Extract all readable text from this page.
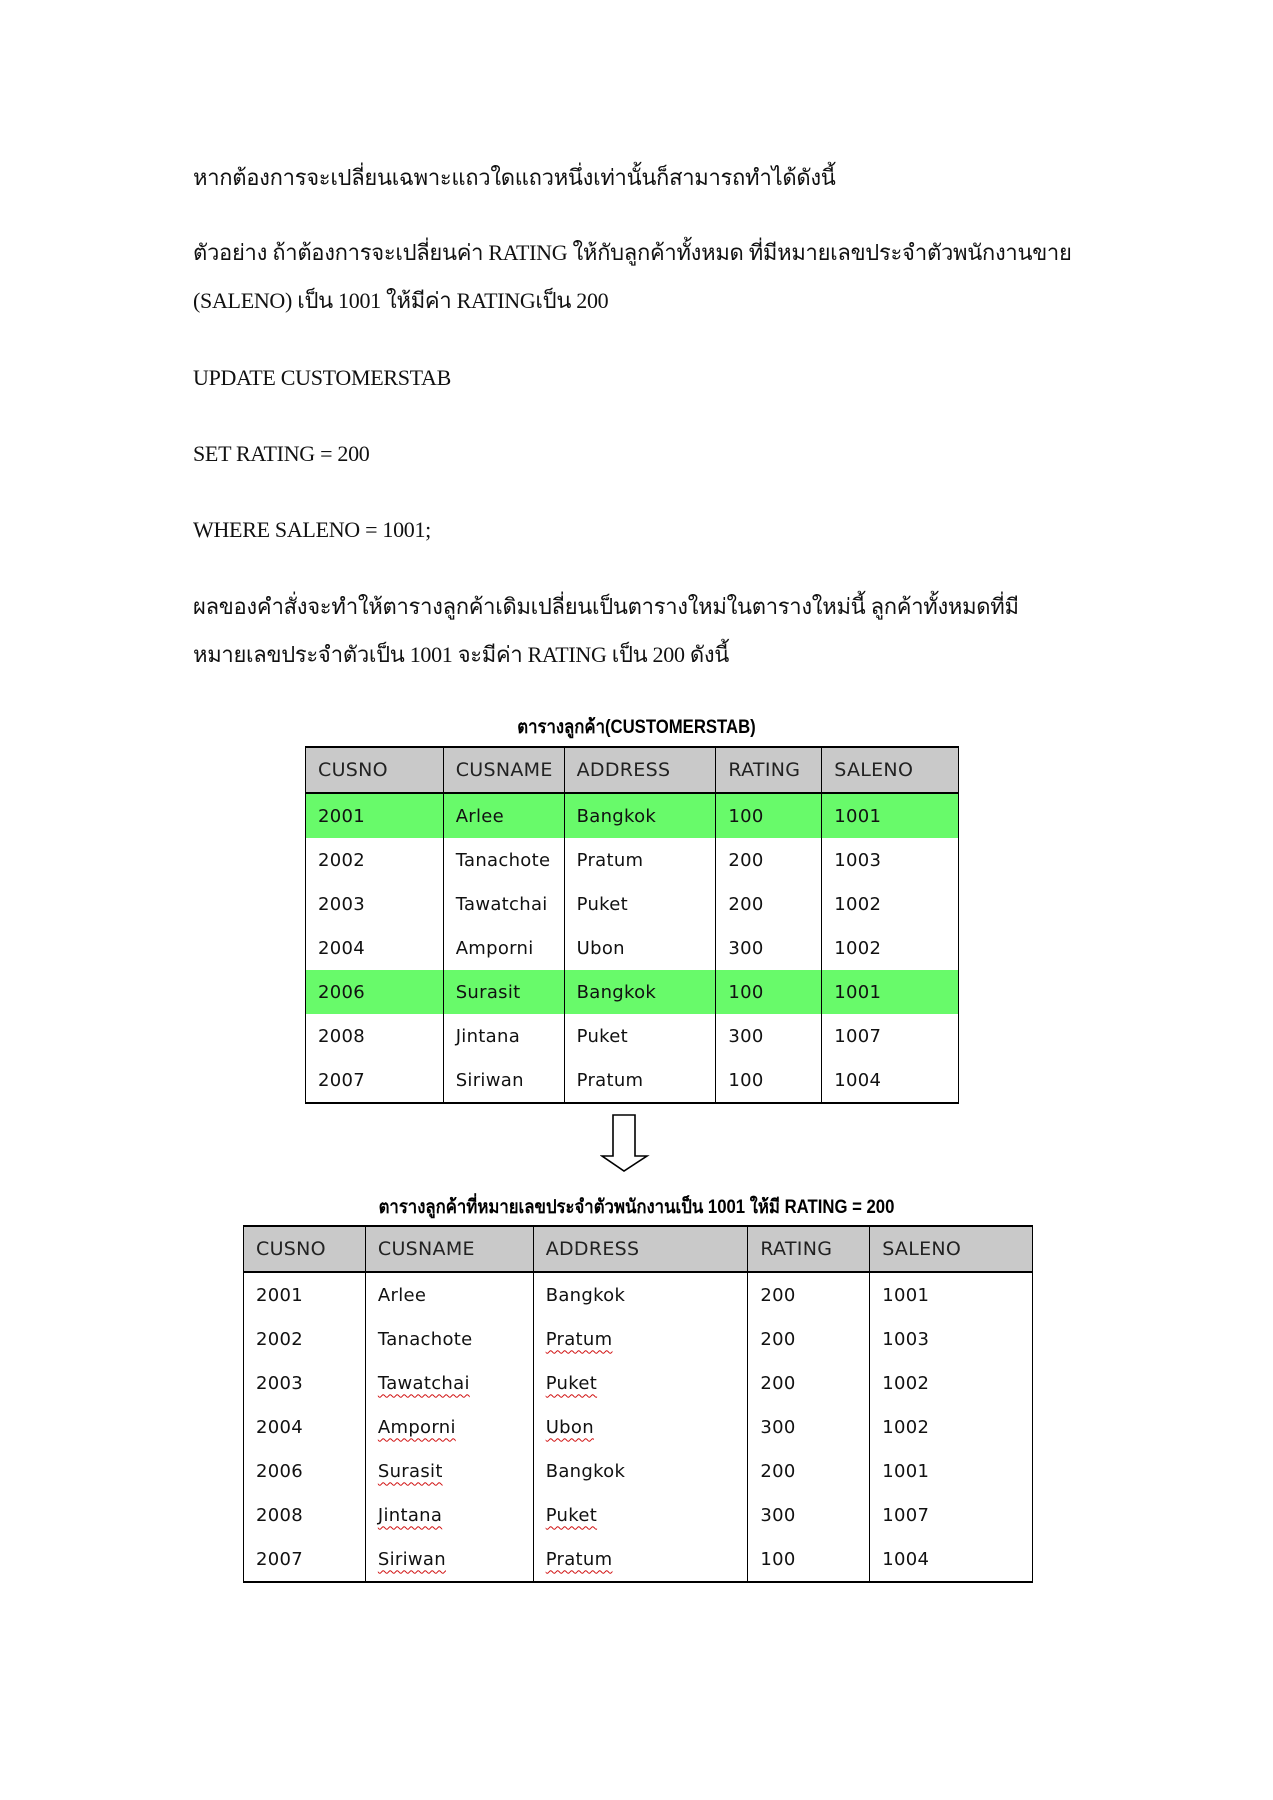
หากต้องการจะเปลี่ยนเฉพาะแถวใดแถวหนึ่งเท่านั้นก็สามารถทำได้ดังนี้
ตัวอย่าง ถ้าต้องการจะเปลี่ยนค่า RATING ให้กับลูกค้าทั้งหมด ที่มีหมายเลขประจำตัวพนักงานขาย
(SALENO) เป็น 1001 ให้มีค่า RATINGเป็น 200
UPDATE CUSTOMERSTAB
SET RATING = 200
WHERE SALENO = 1001;
ผลของคำสั่งจะทำให้ตารางลูกค้าเดิมเปลี่ยนเป็นตารางใหม่ในตารางใหม่นี้ ลูกค้าทั้งหมดที่มี
หมายเลขประจำตัวเป็น 1001 จะมีค่า RATING เป็น 200 ดังนี้
ตารางลูกค้า(CUSTOMERSTAB)
CUSNO	CUSNAME	ADDRESS	RATING	SALENO
2001	Arlee	Bangkok	100	1001
2002	Tanachote	Pratum	200	1003
2003	Tawatchai	Puket	200	1002
2004	Amporni	Ubon	300	1002
2006	Surasit	Bangkok	100	1001
2008	Jintana	Puket	300	1007
2007	Siriwan	Pratum	100	1004
ตารางลูกค้าที่หมายเลขประจำตัวพนักงานเป็น 1001 ให้มี RATING = 200
CUSNO	CUSNAME	ADDRESS	RATING	SALENO
2001	Arlee	Bangkok	200	1001
2002	Tanachote	Pratum	200	1003
2003	Tawatchai	Puket	200	1002
2004	Amporni	Ubon	300	1002
2006	Surasit	Bangkok	200	1001
2008	Jintana	Puket	300	1007
2007	Siriwan	Pratum	100	1004
